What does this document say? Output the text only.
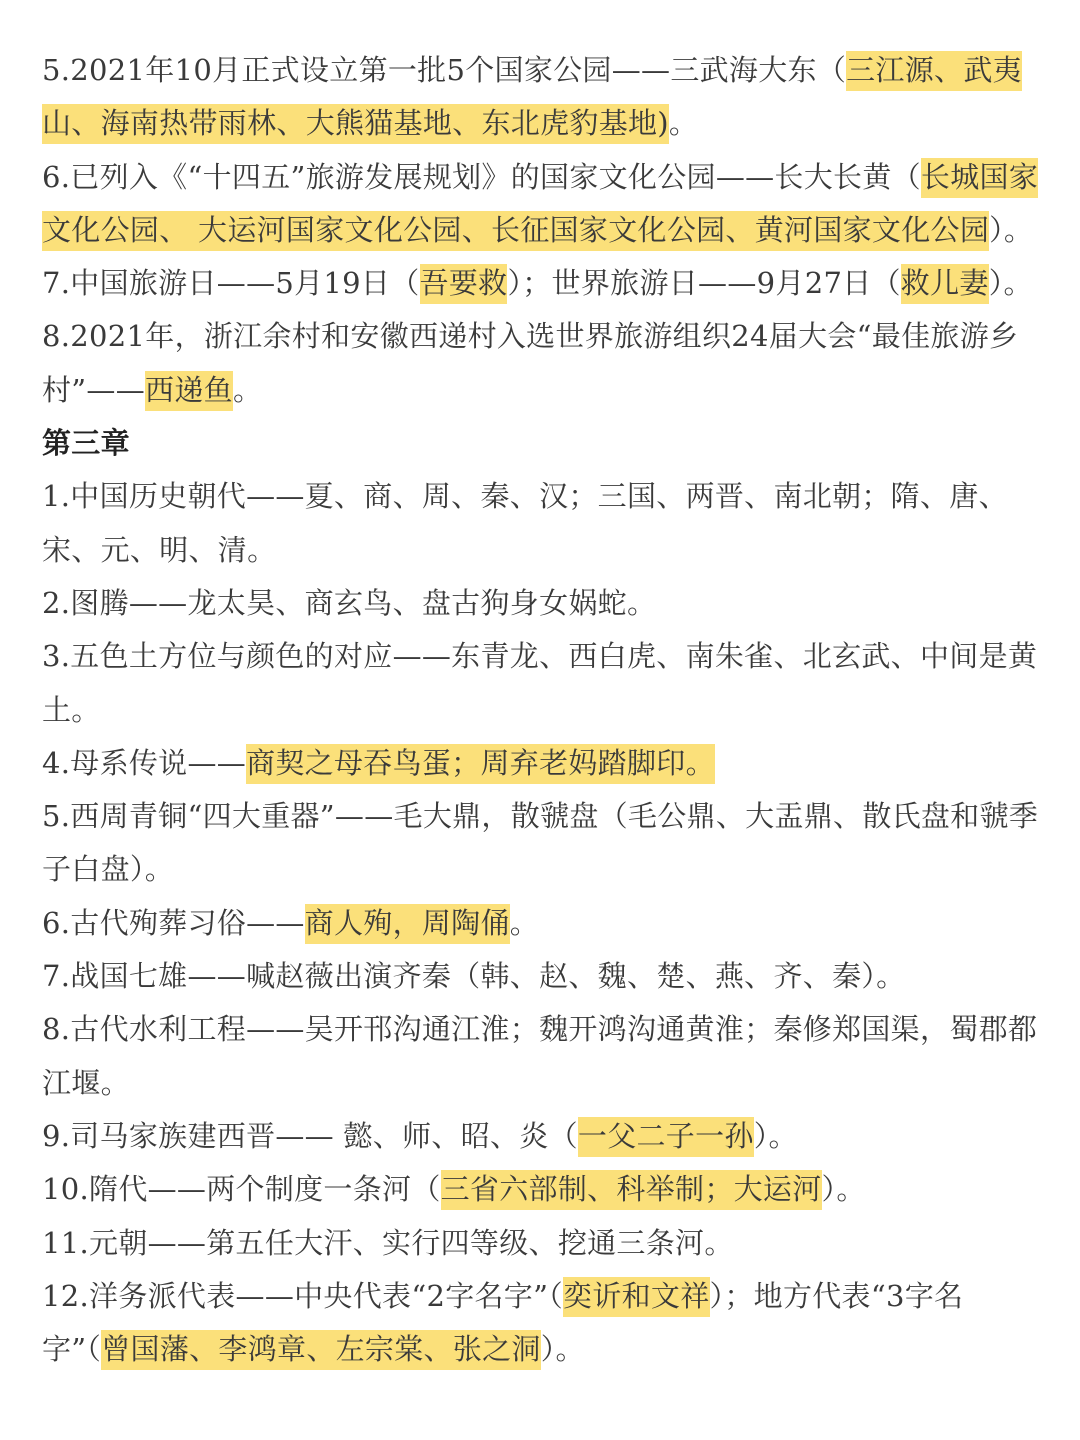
5.2021年10月正式设立第一批5个国家公园——三武海大东（三江源、武夷山、海南热带雨林、大熊猫基地、东北虎豹基地)。

6.已列入《“十四五”旅游发展规划》的国家文化公园——长大长黄（长城国家文化公园、 大运河国家文化公园、长征国家文化公园、黄河国家文化公园）。

7.中国旅游日——5月19日（吾要救）；世界旅游日——9月27日（救儿妻）。

8.2021年，浙江余村和安徽西递村入选世界旅游组织24届大会“最佳旅游乡村”——西递鱼。

第三章

1.中国历史朝代——夏、商、周、秦、汉；三国、两晋、南北朝；隋、唐、宋、元、明、清。

2.图腾——龙太昊、商玄鸟、盘古狗身女娲蛇。

3.五色土方位与颜色的对应——东青龙、西白虎、南朱雀、北玄武、中间是黄土。

4.母系传说——商契之母吞鸟蛋；周弃老妈踏脚印。

5.西周青铜“四大重器”——毛大鼎，散虢盘（毛公鼎、大盂鼎、散氏盘和虢季子白盘）。

6.古代殉葬习俗——商人殉，周陶俑。

7.战国七雄——喊赵薇出演齐秦（韩、赵、魏、楚、燕、齐、秦）。

8.古代水利工程——吴开邗沟通江淮；魏开鸿沟通黄淮；秦修郑国渠，蜀郡都江堰。

9.司马家族建西晋—— 懿、师、昭、炎（一父二子一孙）。

10.隋代——两个制度一条河（三省六部制、科举制；大运河）。

11.元朝——第五任大汗、实行四等级、挖通三条河。

12.洋务派代表——中央代表“2字名字”（奕䜣和文祥）；地方代表“3字名字”（曾国藩、李鸿章、左宗棠、张之洞）。
